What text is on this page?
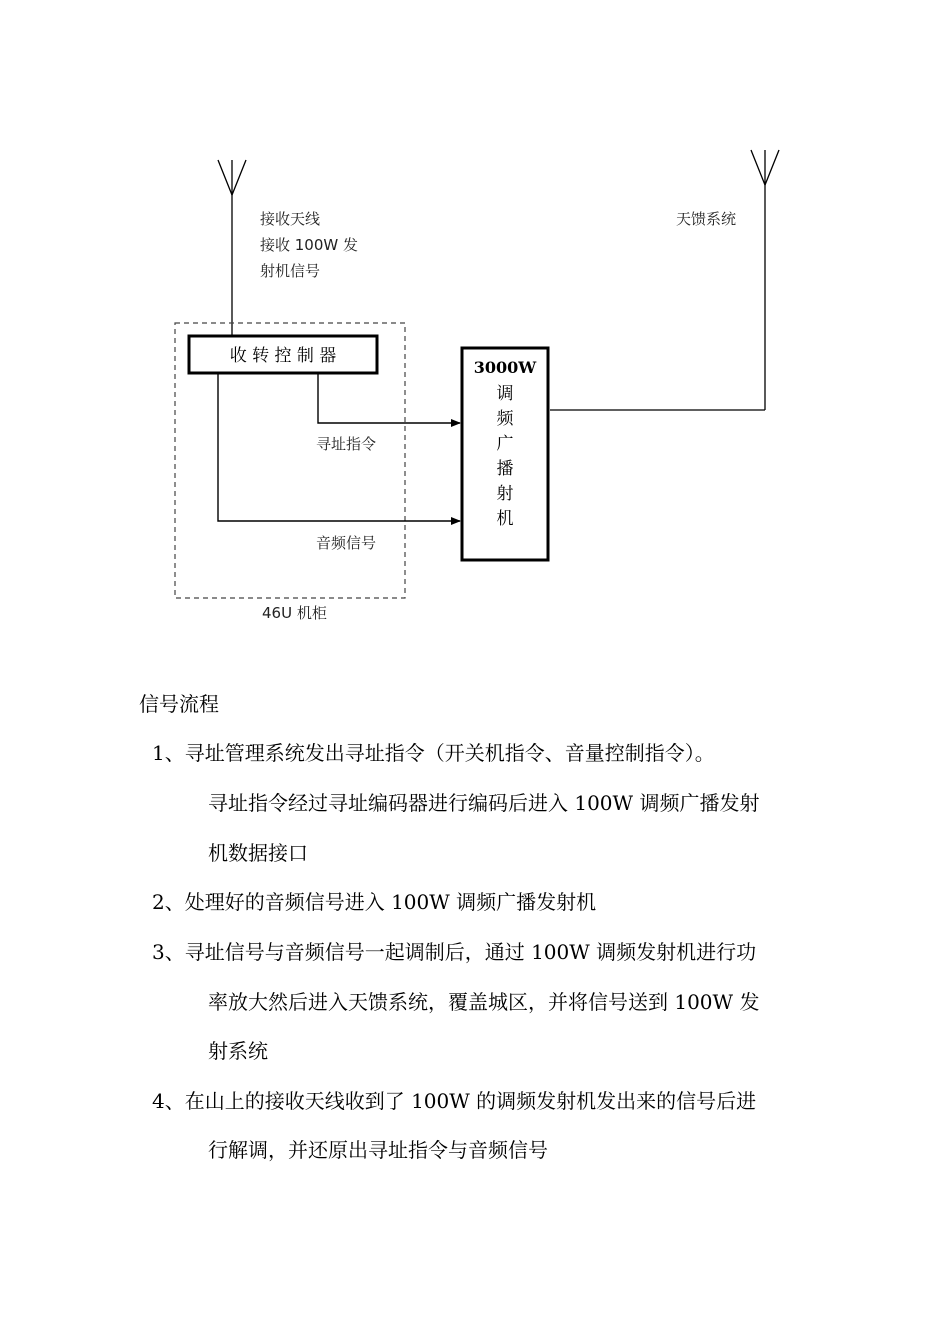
接收天线
接收 100W 发
射机信号
天馈系统
46U 机柜
收 转 控 制 器
3000W
调
频
广
播
射
机
寻址指令
音频信号

信号流程

1、寻址管理系统发出寻址指令（开关机指令、音量控制指令）。

寻址指令经过寻址编码器进行编码后进入 100W 调频广播发射

机数据接口

2、处理好的音频信号进入 100W 调频广播发射机

3、寻址信号与音频信号一起调制后，通过 100W 调频发射机进行功

率放大然后进入天馈系统，覆盖城区，并将信号送到 100W 发

射系统

4、在山上的接收天线收到了 100W 的调频发射机发出来的信号后进

行解调，并还原出寻址指令与音频信号
